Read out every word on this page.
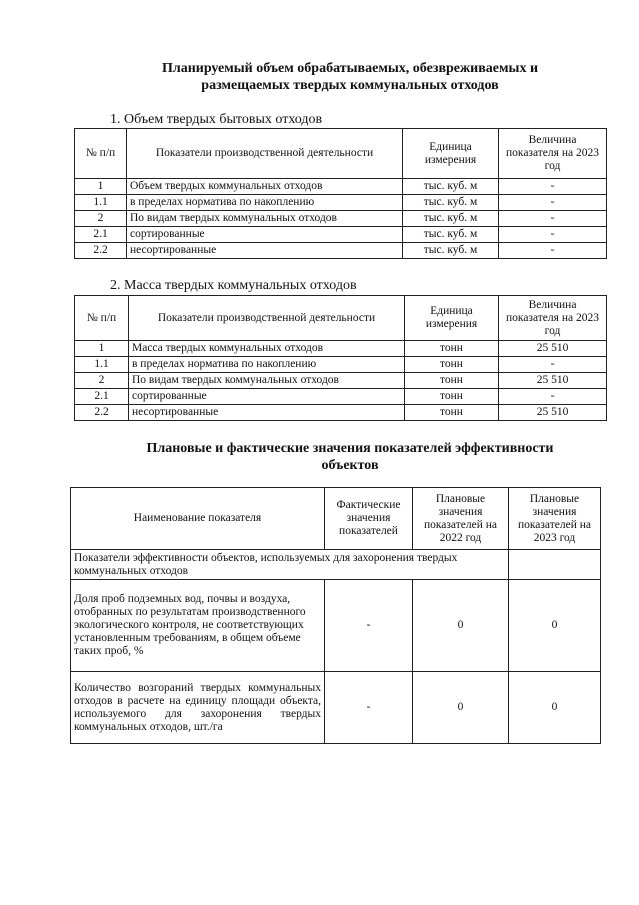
Планируемый объем обрабатываемых, обезвреживаемых и
размещаемых твердых коммунальных отходов
1. Объем твердых бытовых отходов
№ п/п	Показатели производственной деятельности	Единица измерения	Величина показателя на 2023 год
1	Объем твердых коммунальных отходов	тыс. куб. м	-
1.1	в пределах норматива по накоплению	тыс. куб. м	-
2	По видам твердых коммунальных отходов	тыс. куб. м	-
2.1	сортированные	тыс. куб. м	-
2.2	несортированные	тыс. куб. м	-
2. Масса твердых коммунальных отходов
№ п/п	Показатели производственной деятельности	Единица измерения	Величина показателя на 2023 год
1	Масса твердых коммунальных отходов	тонн	25 510
1.1	в пределах норматива по накоплению	тонн	-
2	По видам твердых коммунальных отходов	тонн	25 510
2.1	сортированные	тонн	-
2.2	несортированные	тонн	25 510
Плановые и фактические значения показателей эффективности
объектов
Наименование показателя	Фактические значения показателей	Плановые значения показателей на 2022 год	Плановые значения показателей на 2023 год
Показатели эффективности объектов, используемых для захоронения твердых коммунальных отходов			
Доля проб подземных вод, почвы и воздуха, отобранных по результатам производственного экологического контроля, не соответствующих установленным требованиям, в общем объеме таких проб, %	-	0	0
Количество возгораний твердых коммунальных отходов в расчете на единицу площади объекта, используемого для захоронения твердых коммунальных отходов, шт./га	-	0	0
